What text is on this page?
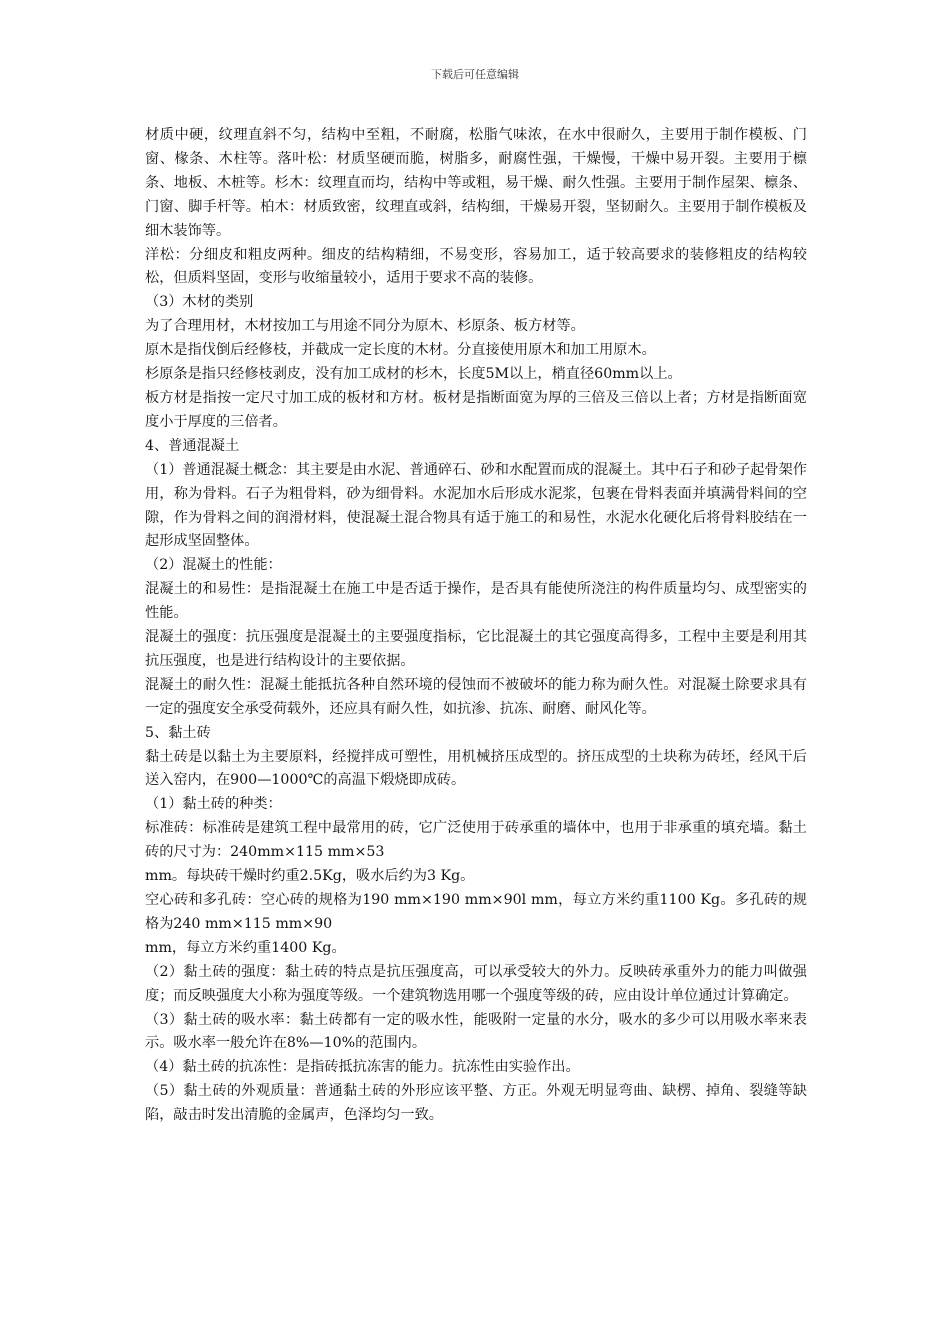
下载后可任意编辑

材质中硬，纹理直斜不匀，结构中至粗，不耐腐，松脂气味浓，在水中很耐久，主要用于制作模板、门窗、椽条、木柱等。落叶松：材质坚硬而脆，树脂多，耐腐性强，干燥慢，干燥中易开裂。主要用于檩条、地板、木桩等。杉木：纹理直而均，结构中等或粗，易干燥、耐久性强。主要用于制作屋架、檩条、门窗、脚手杆等。柏木：材质致密，纹理直或斜，结构细，干燥易开裂，坚韧耐久。主要用于制作模板及细木装饰等。

洋松：分细皮和粗皮两种。细皮的结构精细，不易变形，容易加工，适于较高要求的装修粗皮的结构较松，但质料坚固，变形与收缩量较小，适用于要求不高的装修。

（3）木材的类别

为了合理用材，木材按加工与用途不同分为原木、杉原条、板方材等。

原木是指伐倒后经修枝，并截成一定长度的木材。分直接使用原木和加工用原木。

杉原条是指只经修枝剥皮，没有加工成材的杉木，长度5M以上，梢直径60mm以上。

板方材是指按一定尺寸加工成的板材和方材。板材是指断面宽为厚的三倍及三倍以上者；方材是指断面宽度小于厚度的三倍者。

4、普通混凝土

（1）普通混凝土概念：其主要是由水泥、普通碎石、砂和水配置而成的混凝土。其中石子和砂子起骨架作用，称为骨料。石子为粗骨料，砂为细骨料。水泥加水后形成水泥浆，包裹在骨料表面并填满骨料间的空隙，作为骨料之间的润滑材料，使混凝土混合物具有适于施工的和易性，水泥水化硬化后将骨料胶结在一起形成坚固整体。

（2）混凝土的性能：

混凝土的和易性：是指混凝土在施工中是否适于操作，是否具有能使所浇注的构件质量均匀、成型密实的性能。

混凝土的强度：抗压强度是混凝土的主要强度指标，它比混凝土的其它强度高得多，工程中主要是利用其抗压强度，也是进行结构设计的主要依据。

混凝土的耐久性：混凝土能抵抗各种自然环境的侵蚀而不被破坏的能力称为耐久性。对混凝土除要求具有一定的强度安全承受荷载外，还应具有耐久性，如抗渗、抗冻、耐磨、耐风化等。

5、黏土砖

黏土砖是以黏土为主要原料，经搅拌成可塑性，用机械挤压成型的。挤压成型的土块称为砖坯，经风干后送入窑内，在900—1000℃的高温下煅烧即成砖。

（1）黏土砖的种类：

标准砖：标准砖是建筑工程中最常用的砖，它广泛使用于砖承重的墙体中，也用于非承重的填充墙。黏土砖的尺寸为：240mm×115 mm×53

mm。每块砖干燥时约重2.5Kg，吸水后约为3 Kg。

空心砖和多孔砖：空心砖的规格为190 mm×190 mm×90l mm，每立方米约重1100 Kg。多孔砖的规格为240 mm×115 mm×90

mm，每立方米约重1400 Kg。

（2）黏土砖的强度：黏土砖的特点是抗压强度高，可以承受较大的外力。反映砖承重外力的能力叫做强度；而反映强度大小称为强度等级。一个建筑物选用哪一个强度等级的砖，应由设计单位通过计算确定。

（3）黏土砖的吸水率：黏土砖都有一定的吸水性，能吸附一定量的水分，吸水的多少可以用吸水率来表示。吸水率一般允许在8%—10%的范围内。

（4）黏土砖的抗冻性：是指砖抵抗冻害的能力。抗冻性由实验作出。

（5）黏土砖的外观质量：普通黏土砖的外形应该平整、方正。外观无明显弯曲、缺楞、掉角、裂缝等缺陷，敲击时发出清脆的金属声，色泽均匀一致。
